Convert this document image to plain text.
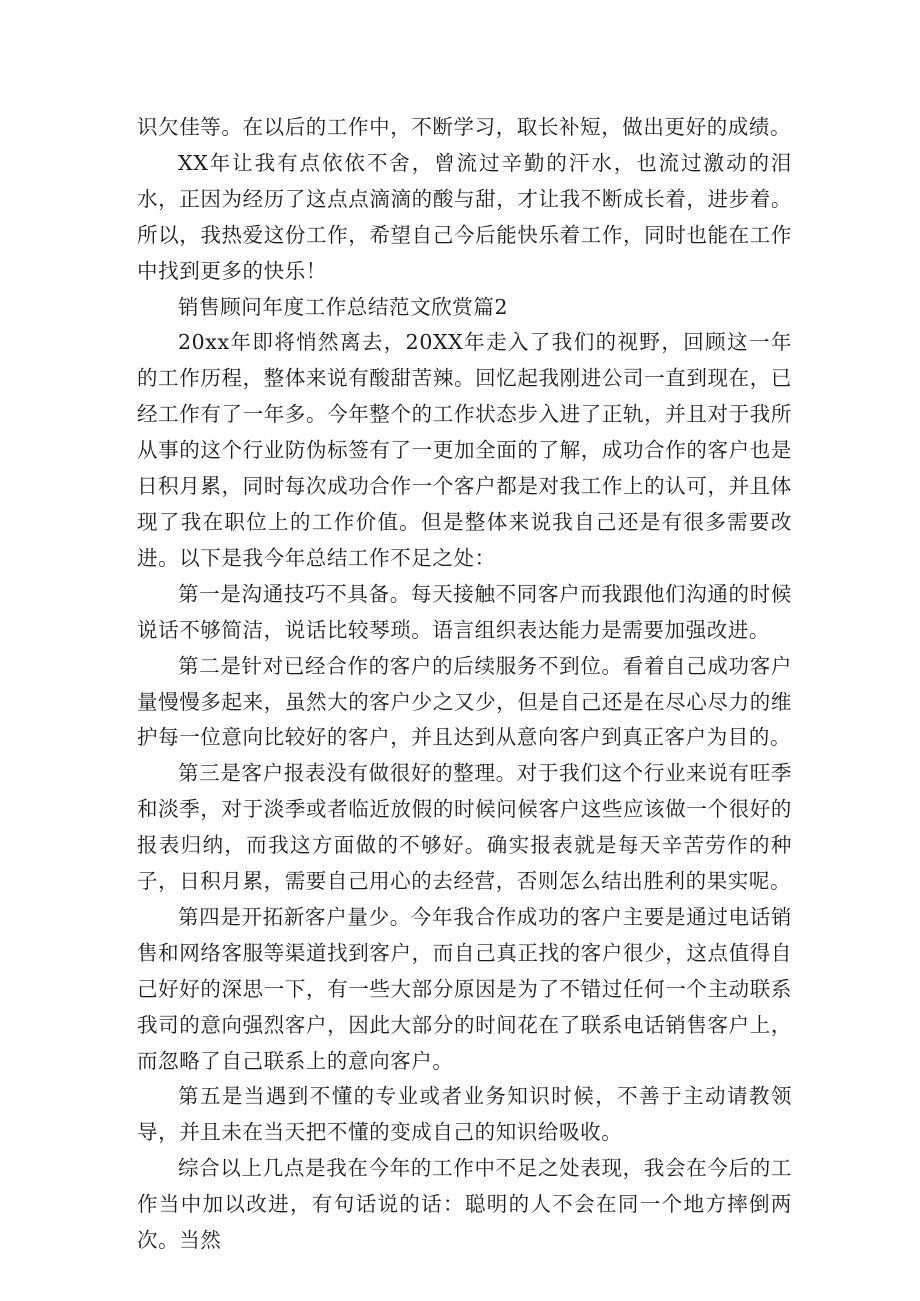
识欠佳等。在以后的工作中，不断学习，取长补短，做出更好的成绩。

XX年让我有点依依不舍，曾流过辛勤的汗水，也流过激动的泪水，正因为经历了这点点滴滴的酸与甜，才让我不断成长着，进步着。所以，我热爱这份工作，希望自己今后能快乐着工作，同时也能在工作中找到更多的快乐！

销售顾问年度工作总结范文欣赏篇2

20xx年即将悄然离去，20XX年走入了我们的视野，回顾这一年的工作历程，整体来说有酸甜苦辣。回忆起我刚进公司一直到现在，已经工作有了一年多。今年整个的工作状态步入进了正轨，并且对于我所从事的这个行业防伪标签有了一更加全面的了解，成功合作的客户也是日积月累，同时每次成功合作一个客户都是对我工作上的认可，并且体现了我在职位上的工作价值。但是整体来说我自己还是有很多需要改进。以下是我今年总结工作不足之处：

第一是沟通技巧不具备。每天接触不同客户而我跟他们沟通的时候说话不够简洁，说话比较琴琐。语言组织表达能力是需要加强改进。

第二是针对已经合作的客户的后续服务不到位。看着自己成功客户量慢慢多起来，虽然大的客户少之又少，但是自己还是在尽心尽力的维护每一位意向比较好的客户，并且达到从意向客户到真正客户为目的。

第三是客户报表没有做很好的整理。对于我们这个行业来说有旺季和淡季，对于淡季或者临近放假的时候问候客户这些应该做一个很好的报表归纳，而我这方面做的不够好。确实报表就是每天辛苦劳作的种子，日积月累，需要自己用心的去经营，否则怎么结出胜利的果实呢。

第四是开拓新客户量少。今年我合作成功的客户主要是通过电话销售和网络客服等渠道找到客户，而自己真正找的客户很少，这点值得自己好好的深思一下，有一些大部分原因是为了不错过任何一个主动联系我司的意向强烈客户，因此大部分的时间花在了联系电话销售客户上，而忽略了自己联系上的意向客户。

第五是当遇到不懂的专业或者业务知识时候，不善于主动请教领导，并且未在当天把不懂的变成自己的知识给吸收。

综合以上几点是我在今年的工作中不足之处表现，我会在今后的工作当中加以改进，有句话说的话：聪明的人不会在同一个地方摔倒两次。当然
